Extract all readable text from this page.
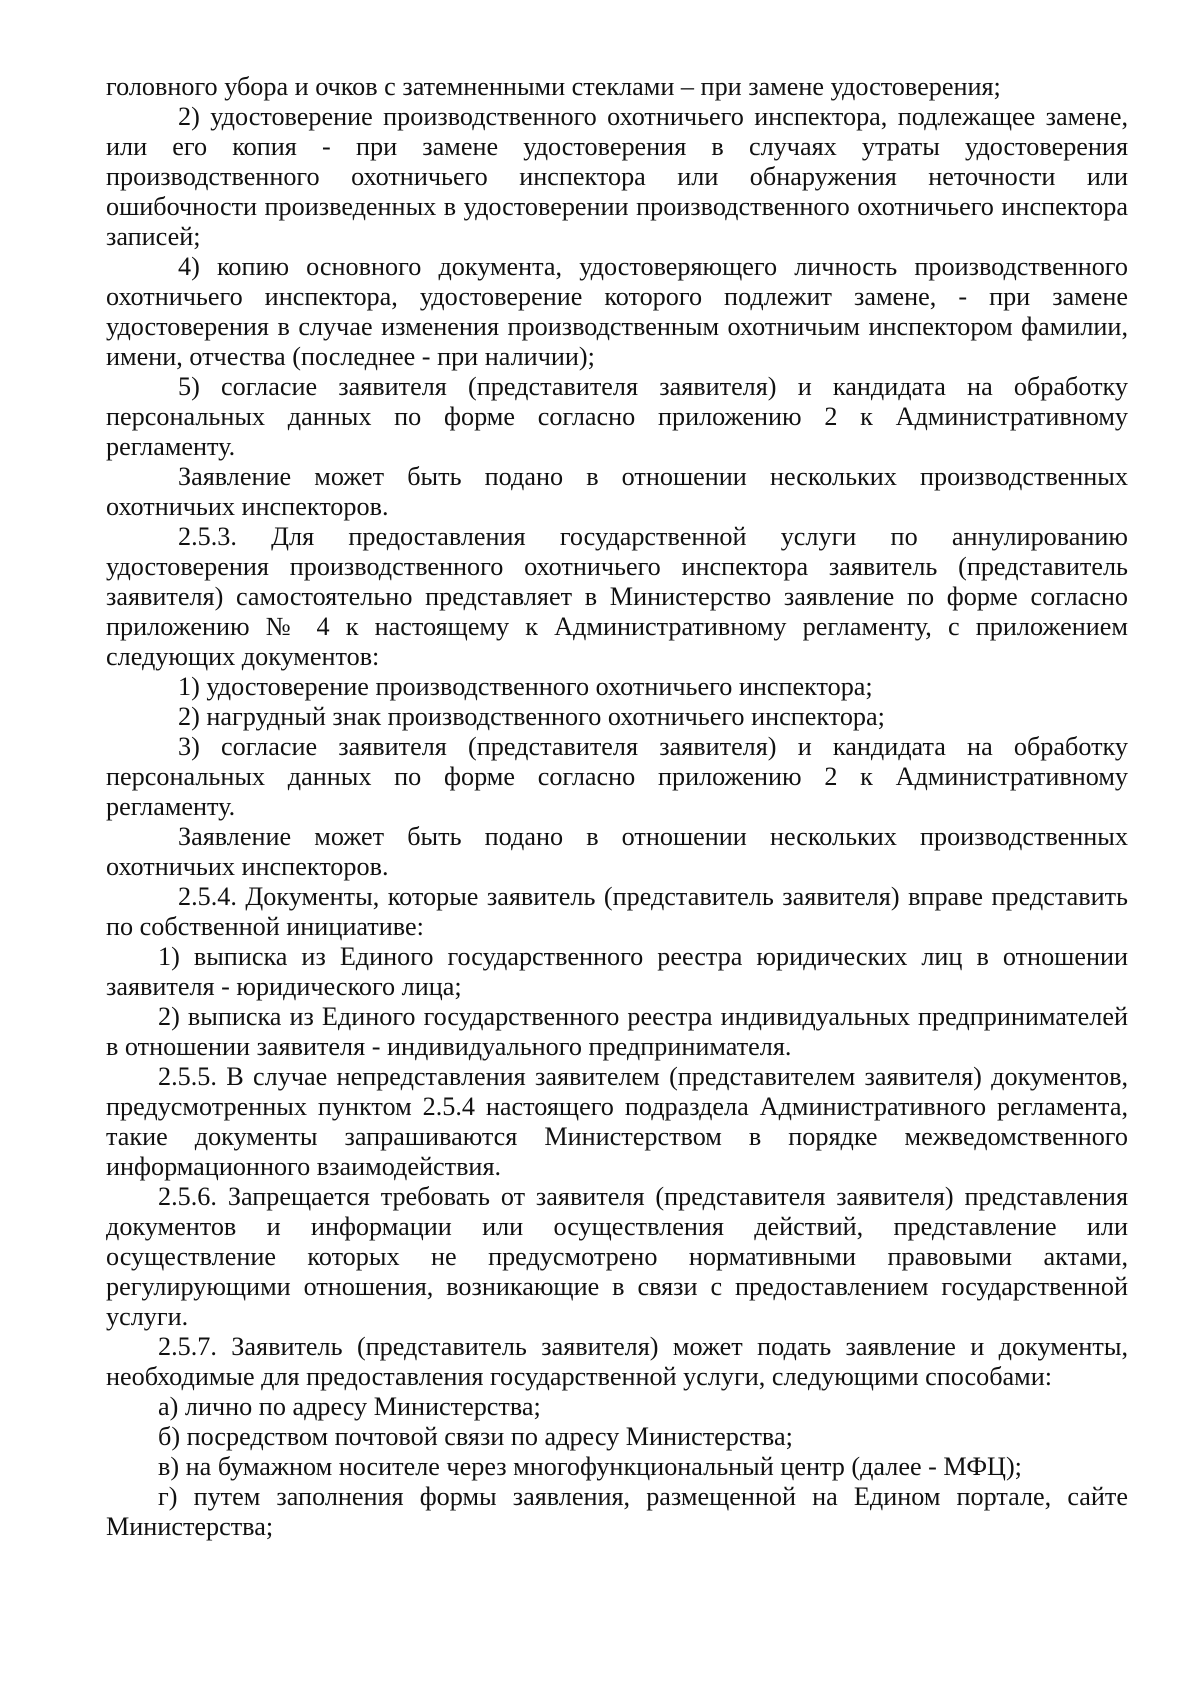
головного убора и очков с затемненными стеклами – при замене удостоверения;

2) удостоверение производственного охотничьего инспектора, подлежащее замене, или его копия - при замене удостоверения в случаях утраты удостоверения производственного охотничьего инспектора или обнаружения неточности или ошибочности произведенных в удостоверении производственного охотничьего инспектора записей;

4) копию основного документа, удостоверяющего личность производственного охотничьего инспектора, удостоверение которого подлежит замене, - при замене удостоверения в случае изменения производственным охотничьим инспектором фамилии, имени, отчества (последнее - при наличии);

5) согласие заявителя (представителя заявителя) и кандидата на обработку персональных данных по форме согласно приложению 2 к Административному регламенту.

Заявление может быть подано в отношении нескольких производственных охотничьих инспекторов.

2.5.3. Для предоставления государственной услуги по аннулированию удостоверения производственного охотничьего инспектора заявитель (представитель заявителя) самостоятельно представляет в Министерство заявление по форме согласно приложению № 4 к настоящему к Административному регламенту, с приложением следующих документов:

1) удостоверение производственного охотничьего инспектора;

2) нагрудный знак производственного охотничьего инспектора;

3) согласие заявителя (представителя заявителя) и кандидата на обработку персональных данных по форме согласно приложению 2 к Административному регламенту.

Заявление может быть подано в отношении нескольких производственных охотничьих инспекторов.

2.5.4. Документы, которые заявитель (представитель заявителя) вправе представить по собственной инициативе:

1) выписка из Единого государственного реестра юридических лиц в отношении заявителя - юридического лица;

2) выписка из Единого государственного реестра индивидуальных предпринимателей в отношении заявителя - индивидуального предпринимателя.

2.5.5. В случае непредставления заявителем (представителем заявителя) документов, предусмотренных пунктом 2.5.4 настоящего подраздела Административного регламента, такие документы запрашиваются Министерством в порядке межведомственного информационного взаимодействия.

2.5.6. Запрещается требовать от заявителя (представителя заявителя) представления документов и информации или осуществления действий, представление или осуществление которых не предусмотрено нормативными правовыми актами, регулирующими отношения, возникающие в связи с предоставлением государственной услуги.

2.5.7. Заявитель (представитель заявителя) может подать заявление и документы, необходимые для предоставления государственной услуги, следующими способами:

а) лично по адресу Министерства;

б) посредством почтовой связи по адресу Министерства;

в) на бумажном носителе через многофункциональный центр (далее - МФЦ);

г) путем заполнения формы заявления, размещенной на Едином портале, сайте Министерства;
